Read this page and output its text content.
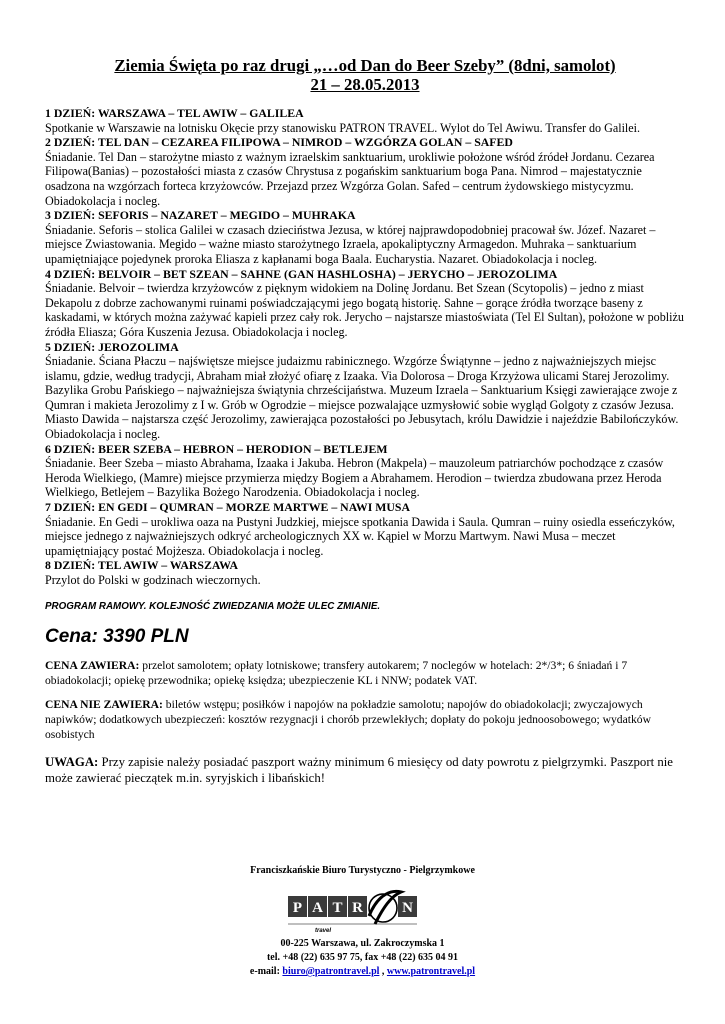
Ziemia Święta po raz drugi „…od Dan do Beer Szeby” (8dni, samolot)
21 – 28.05.2013
1 DZIEŃ: WARSZAWA – TEL AWIW – GALILEA
Spotkanie w Warszawie na lotnisku Okęcie przy stanowisku PATRON TRAVEL. Wylot do Tel Awiwu. Transfer do Galilei.
2 DZIEŃ: TEL DAN – CEZAREA FILIPOWA – NIMROD – WZGÓRZA GOLAN – SAFED
Śniadanie. Tel Dan – starożytne miasto z ważnym izraelskim sanktuarium, urokliwie położone wśród źródeł Jordanu. Cezarea Filipowa(Banias) – pozostałości miasta z czasów Chrystusa z pogańskim sanktuarium boga Pana. Nimrod – majestatycznie osadzona na wzgórzach forteca krzyżowców. Przejazd przez Wzgórza Golan. Safed – centrum żydowskiego mistycyzmu. Obiadokolacja i nocleg.
3 DZIEŃ: SEFORIS – NAZARET – MEGIDO – MUHRAKA
Śniadanie. Seforis – stolica Galilei w czasach dzieciństwa Jezusa, w której najprawdopodobniej pracował św. Józef. Nazaret – miejsce Zwiastowania. Megido – ważne miasto starożytnego Izraela, apokaliptyczny Armagedon. Muhraka – sanktuarium upamiętniające pojedynek proroka Eliasza z kapłanami boga Baala. Eucharystia. Nazaret. Obiadokolacja i nocleg.
4 DZIEŃ: BELVOIR – BET SZEAN – SAHNE (GAN HASHLOSHA) – JERYCHO – JEROZOLIMA
Śniadanie. Belvoir – twierdza krzyżowców z pięknym widokiem na Dolinę Jordanu. Bet Szean (Scytopolis) – jedno z miast Dekapolu z dobrze zachowanymi ruinami poświadczającymi jego bogatą historię. Sahne – gorące źródła tworzące baseny z kaskadami, w których można zażywać kapieli przez cały rok. Jerycho – najstarsze miastoświata (Tel El Sultan), położone w pobliżu źródła Eliasza; Góra Kuszenia Jezusa. Obiadokolacja i nocleg.
5 DZIEŃ: JEROZOLIMA
Śniadanie. Ściana Płaczu – najświętsze miejsce judaizmu rabinicznego. Wzgórze Świątynne – jedno z najważniejszych miejsc islamu, gdzie, według tradycji, Abraham miał złożyć ofiarę z Izaaka. Via Dolorosa – Droga Krzyżowa ulicami Starej Jerozolimy. Bazylika Grobu Pańskiego – najważniejsza świątynia chrześcijaństwa. Muzeum Izraela – Sanktuarium Księgi zawierające zwoje z Qumran i makieta Jerozolimy z I w. Grób w Ogrodzie – miejsce pozwalające uzmysłowić sobie wygląd Golgoty z czasów Jezusa. Miasto Dawida – najstarsza część Jerozolimy, zawierająca pozostałości po Jebusytach, królu Dawidzie i najeździe Babilończyków. Obiadokolacja i nocleg.
6 DZIEŃ: BEER SZEBA – HEBRON – HERODION – BETLEJEM
Śniadanie. Beer Szeba – miasto Abrahama, Izaaka i Jakuba. Hebron (Makpela) – mauzoleum patriarchów pochodzące z czasów Heroda Wielkiego, (Mamre) miejsce przymierza między Bogiem a Abrahamem. Herodion – twierdza zbudowana przez Heroda Wielkiego, Betlejem – Bazylika Bożego Narodzenia. Obiadokolacja i nocleg.
7 DZIEŃ: EN GEDI – QUMRAN – MORZE MARTWE – NAWI MUSA
Śniadanie. En Gedi – urokliwa oaza na Pustyni Judzkiej, miejsce spotkania Dawida i Saula. Qumran – ruiny osiedla esseńczyków, miejsce jednego z najważniejszych odkryć archeologicznych XX w. Kąpiel w Morzu Martwym. Nawi Musa – meczet upamiętniający postać Mojżesza. Obiadokolacja i nocleg.
8 DZIEŃ: TEL AWIW – WARSZAWA
Przylot do Polski w godzinach wieczornych.
PROGRAM RAMOWY. KOLEJNOŚĆ ZWIEDZANIA MOŻE ULEC ZMIANIE.
Cena: 3390 PLN
CENA ZAWIERA: przelot samolotem; opłaty lotniskowe; transfery autokarem; 7 noclegów w hotelach: 2*/3*; 6 śniadań i 7 obiadokolacji; opiekę przewodnika; opiekę księdza; ubezpieczenie KL i NNW; podatek VAT.
CENA NIE ZAWIERA: biletów wstępu; posiłków i napojów na pokładzie samolotu; napojów do obiadokolacji; zwyczajowych napiwków; dodatkowych ubezpieczeń: kosztów rezygnacji i chorób przewlekłych; dopłaty do pokoju jednoosobowego; wydatków osobistych
UWAGA: Przy zapisie należy posiadać paszport ważny minimum 6 miesięcy od daty powrotu z pielgrzymki. Paszport nie może zawierać pieczątek m.in. syryjskich i libańskich!
Franciszkańskie Biuro Turystyczno - Pielgrzymkowe
P A T R	N
travel
00-225 Warszawa, ul. Zakroczymska 1
tel. +48 (22) 635 97 75, fax +48 (22) 635 04 91
e-mail: biuro@patrontravel.pl , www.patrontravel.pl
